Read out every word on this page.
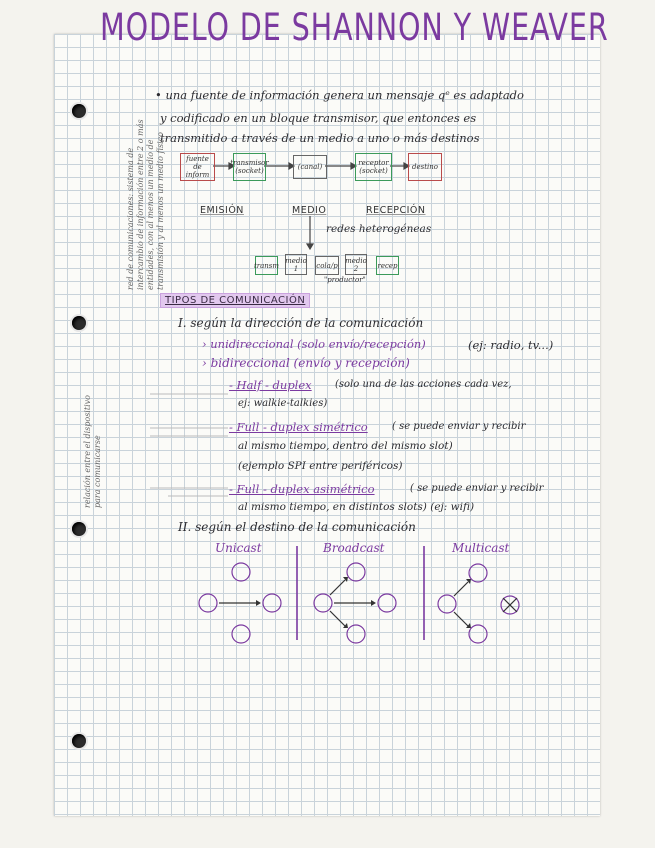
MODELO DE SHANNON Y WEAVER
• una fuente de información genera un mensaje qᵉ es adaptado
y codificado en un bloque transmisor, que entonces es
transmitido a través de un medio a uno o más destinos
red de comunicaciones: sistema de intercambio de información entre 2 o más entidades, con al menos un medio de transmisión y al menos un medio físico
relación entre el dispositivo para comunicarse
fuente de inform
transmisor (socket)	(canal)	receptor (socket)	destino
EMISIÓN	MEDIO	RECEPCIÓN
redes heterogéneas
transm
medio 1	cola/p
medio 2	recep
"productor"
TIPOS DE COMUNICACIÓN
I. según la dirección de la comunicación
› unidireccional (solo envío/recepción)	(ej: radio, tv...)
› bidireccional (envío y recepción)
- Half - duplex (solo una de las acciones cada vez,
ej: walkie-talkies)
- Full - duplex simétrico ( se puede enviar y recibir
al mismo tiempo, dentro del mismo slot)
(ejemplo SPI entre periféricos)
- Full - duplex asimétrico	( se puede enviar y recibir
al mismo tiempo, en distintos slots) (ej: wifi)
II. según el destino de la comunicación
Unicast	Broadcast	Multicast
